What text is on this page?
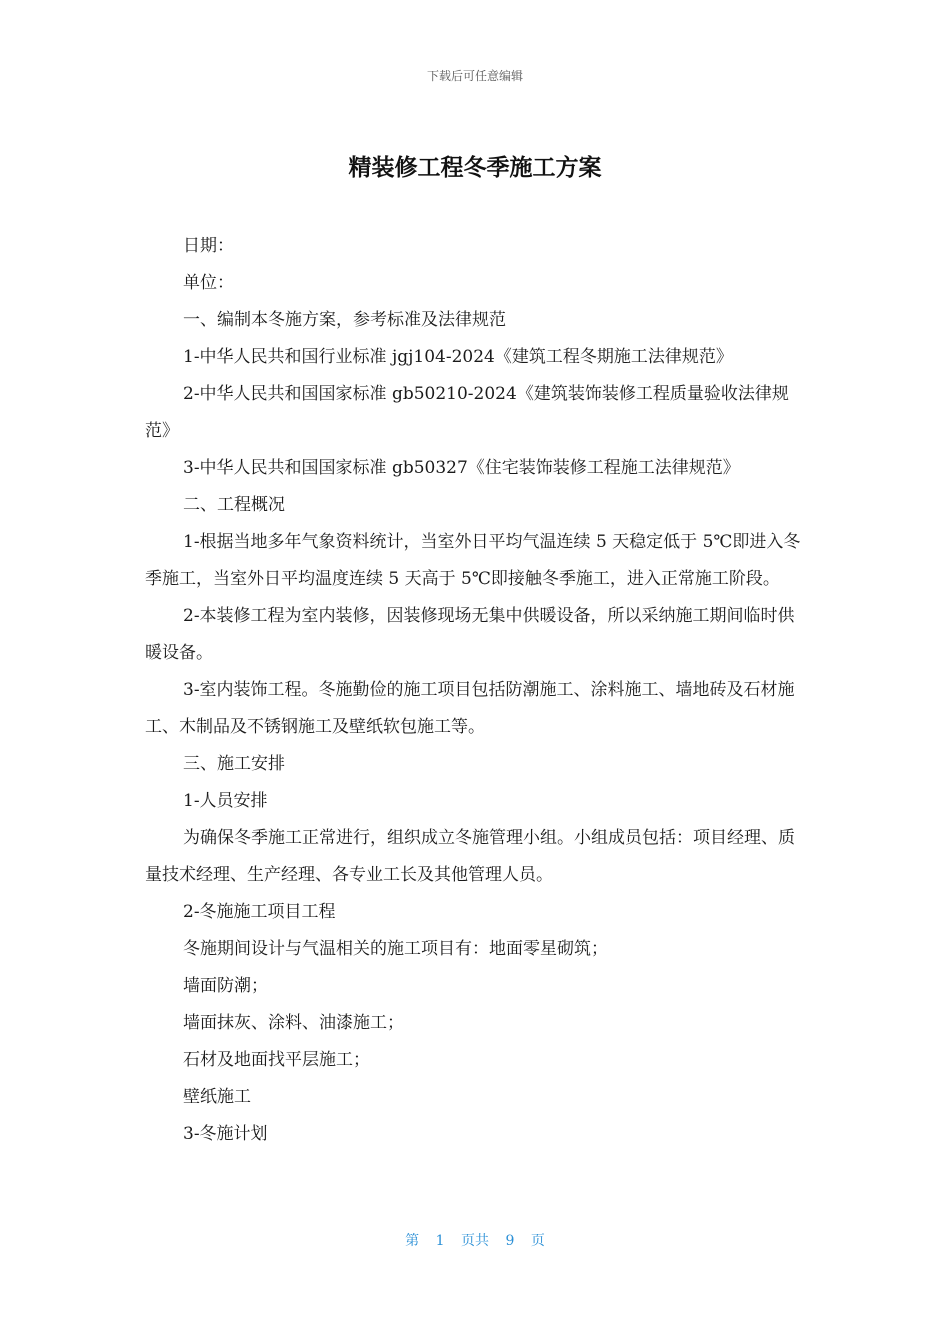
下载后可任意编辑
精装修工程冬季施工方案

日期：

单位：

一、编制本冬施方案，参考标准及法律规范

1-中华人民共和国行业标准 jgj104-2024《建筑工程冬期施工法律规范》

2-中华人民共和国国家标准 gb50210-2024《建筑装饰装修工程质量验收法律规范》

3-中华人民共和国国家标准 gb50327《住宅装饰装修工程施工法律规范》

二、工程概况

1-根据当地多年气象资料统计，当室外日平均气温连续 5 天稳定低于 5℃即进入冬季施工，当室外日平均温度连续 5 天高于 5℃即接触冬季施工，进入正常施工阶段。

2-本装修工程为室内装修，因装修现场无集中供暖设备，所以采纳施工期间临时供暖设备。

3-室内装饰工程。冬施勤俭的施工项目包括防潮施工、涂料施工、墙地砖及石材施工、木制品及不锈钢施工及壁纸软包施工等。

三、施工安排

1-人员安排

为确保冬季施工正常进行，组织成立冬施管理小组。小组成员包括：项目经理、质量技术经理、生产经理、各专业工长及其他管理人员。

2-冬施施工项目工程

冬施期间设计与气温相关的施工项目有：地面零星砌筑；

墙面防潮；

墙面抹灰、涂料、油漆施工；

石材及地面找平层施工；

壁纸施工

3-冬施计划

第 1 页共 9 页
